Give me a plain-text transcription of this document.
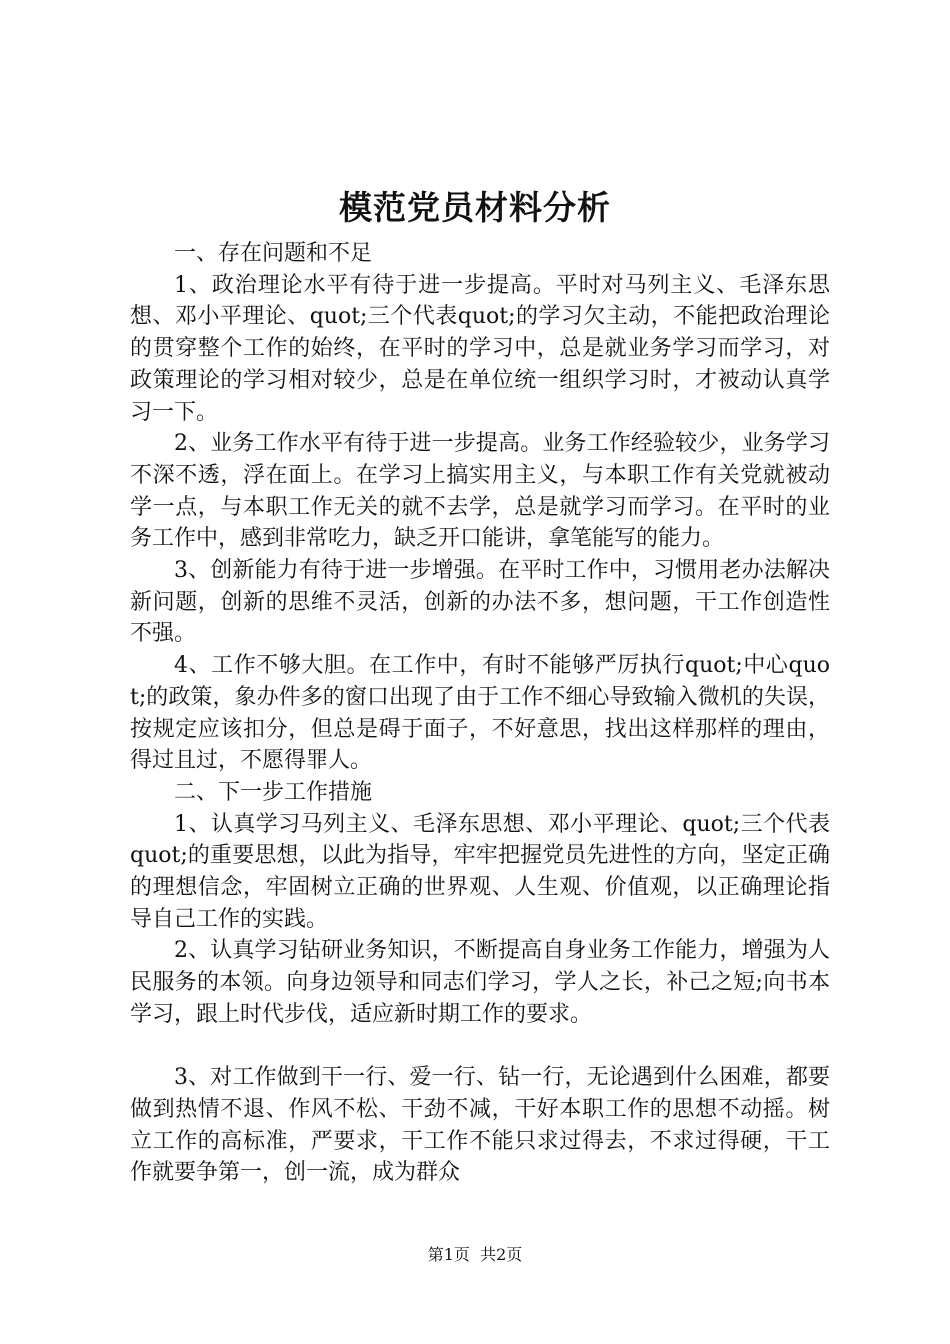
模范党员材料分析

一、存在问题和不足

1、政治理论水平有待于进一步提高。平时对马列主义、毛泽东思想、邓小平理论、quot;三个代表quot;的学习欠主动，不能把政治理论的贯穿整个工作的始终，在平时的学习中，总是就业务学习而学习，对政策理论的学习相对较少，总是在单位统一组织学习时，才被动认真学习一下。

2、业务工作水平有待于进一步提高。业务工作经验较少，业务学习不深不透，浮在面上。在学习上搞实用主义，与本职工作有关党就被动学一点，与本职工作无关的就不去学，总是就学习而学习。在平时的业务工作中，感到非常吃力，缺乏开口能讲，拿笔能写的能力。

3、创新能力有待于进一步增强。在平时工作中，习惯用老办法解决新问题，创新的思维不灵活，创新的办法不多，想问题，干工作创造性不强。

4、工作不够大胆。在工作中，有时不能够严厉执行quot;中心quot;的政策，象办件多的窗口出现了由于工作不细心导致输入微机的失误，按规定应该扣分，但总是碍于面子，不好意思，找出这样那样的理由，得过且过，不愿得罪人。

二、下一步工作措施

1、认真学习马列主义、毛泽东思想、邓小平理论、quot;三个代表quot;的重要思想，以此为指导，牢牢把握党员先进性的方向，坚定正确的理想信念，牢固树立正确的世界观、人生观、价值观，以正确理论指导自己工作的实践。

2、认真学习钻研业务知识，不断提高自身业务工作能力，增强为人民服务的本领。向身边领导和同志们学习，学人之长，补己之短;向书本学习，跟上时代步伐，适应新时期工作的要求。

3、对工作做到干一行、爱一行、钻一行，无论遇到什么困难，都要做到热情不退、作风不松、干劲不减，干好本职工作的思想不动摇。树立工作的高标准，严要求，干工作不能只求过得去，不求过得硬，干工作就要争第一，创一流，成为群众

第1页 共2页
